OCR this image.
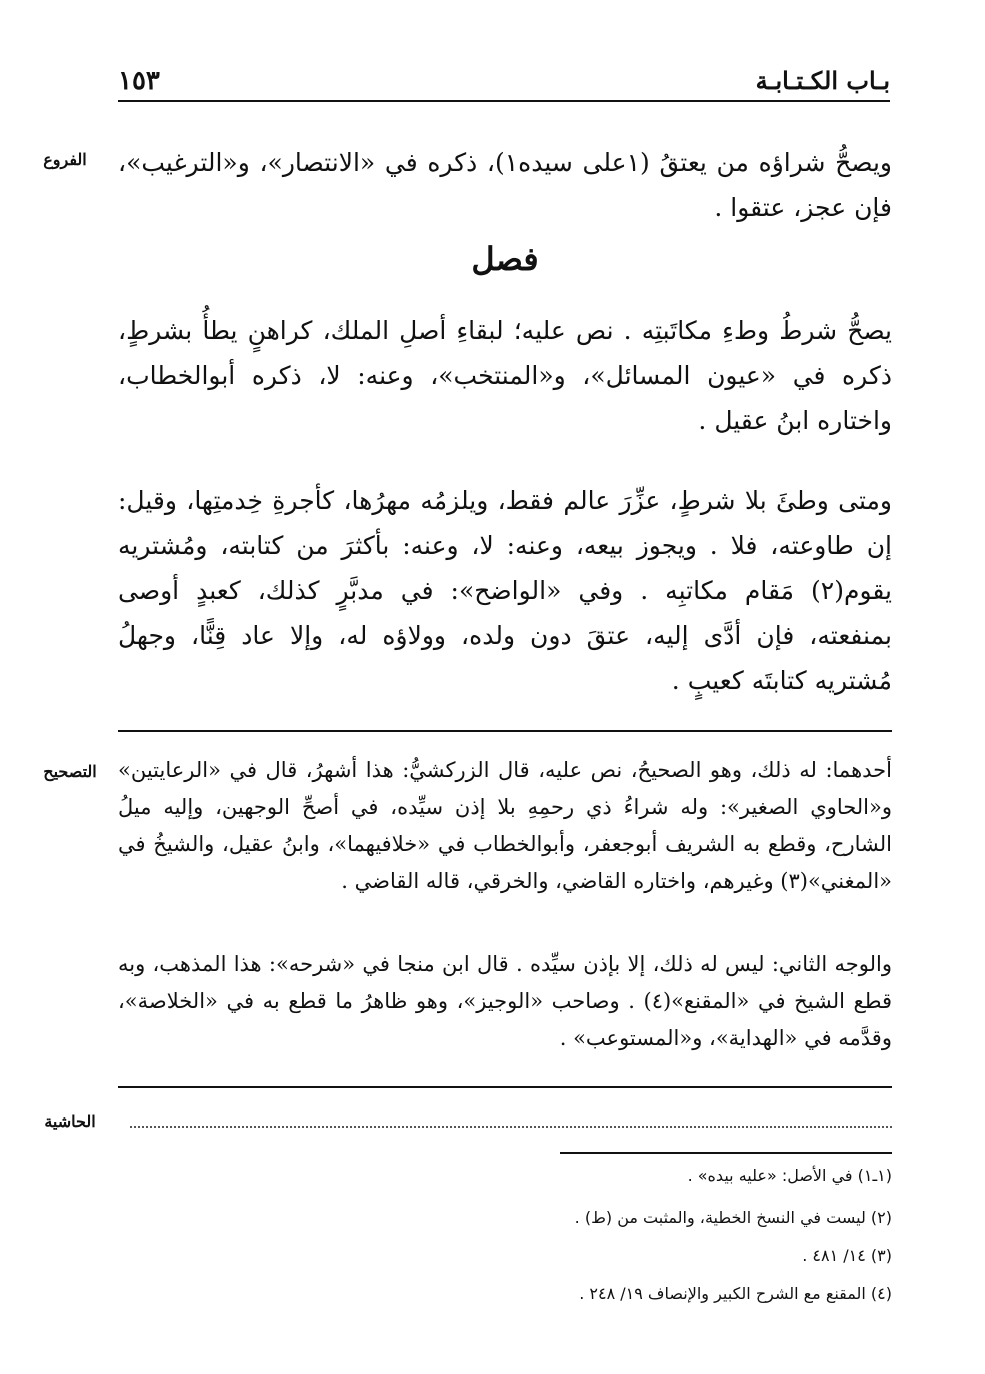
بـاب الكـتـابـة
١٥٣
الفروع	ويصحُّ شراؤه من يعتقُ (١على سيده١)، ذكره في «الانتصار»، و«الترغيب»، فإن عجز، عتقوا .

فصل

يصحُّ شرطُ وطءِ مكاتَبتِه . نص عليه؛ لبقاءِ أصلِ الملك، كراهنٍ يطأُ بشرطٍ، ذكره في «عيون المسائل»، و«المنتخب»، وعنه: لا، ذكره أبوالخطاب، واختاره ابنُ عقيل .

ومتى وطئَ بلا شرطٍ، عزِّرَ عالم فقط، ويلزمُه مهرُها، كأجرةِ خِدمتِها، وقيل: إن طاوعته، فلا . ويجوز بيعه، وعنه: لا، وعنه: بأكثرَ من كتابته، ومُشتريه يقوم(٢) مَقام مكاتبِه . وفي «الواضح»: في مدبَّرٍ كذلك، كعبدٍ أوصى بمنفعته، فإن أدَّى إليه، عتقَ دون ولده، وولاؤه له، وإلا عاد قِنًّا، وجهلُ مُشتريه كتابتَه كعيبٍ .

التصحيح	أحدهما: له ذلك، وهو الصحيحُ، نص عليه، قال الزركشيُّ: هذا أشهرُ، قال في «الرعايتين» و«الحاوي الصغير»: وله شراءُ ذي رحمِهِ بلا إذن سيِّده، في أصحِّ الوجهين، وإليه ميلُ الشارح، وقطع به الشريف أبوجعفر، وأبوالخطاب في «خلافيهما»، وابنُ عقيل، والشيخُ في «المغني»(٣) وغيرهم، واختاره القاضي، والخرقي، قاله القاضي .

والوجه الثاني: ليس له ذلك، إلا بإذن سيِّده . قال ابن منجا في «شرحه»: هذا المذهب، وبه قطع الشيخ في «المقنع»(٤) . وصاحب «الوجيز»، وهو ظاهرُ ما قطع به في «الخلاصة»، وقدَّمه في «الهداية»، و«المستوعب» .

الحاشية
(١ـ١) في الأصل: «عليه بيده» .
(٢) ليست في النسخ الخطية، والمثبت من (ط) .
(٣) ١٤/ ٤٨١ .
(٤) المقنع مع الشرح الكبير والإنصاف ١٩/ ٢٤٨ .
